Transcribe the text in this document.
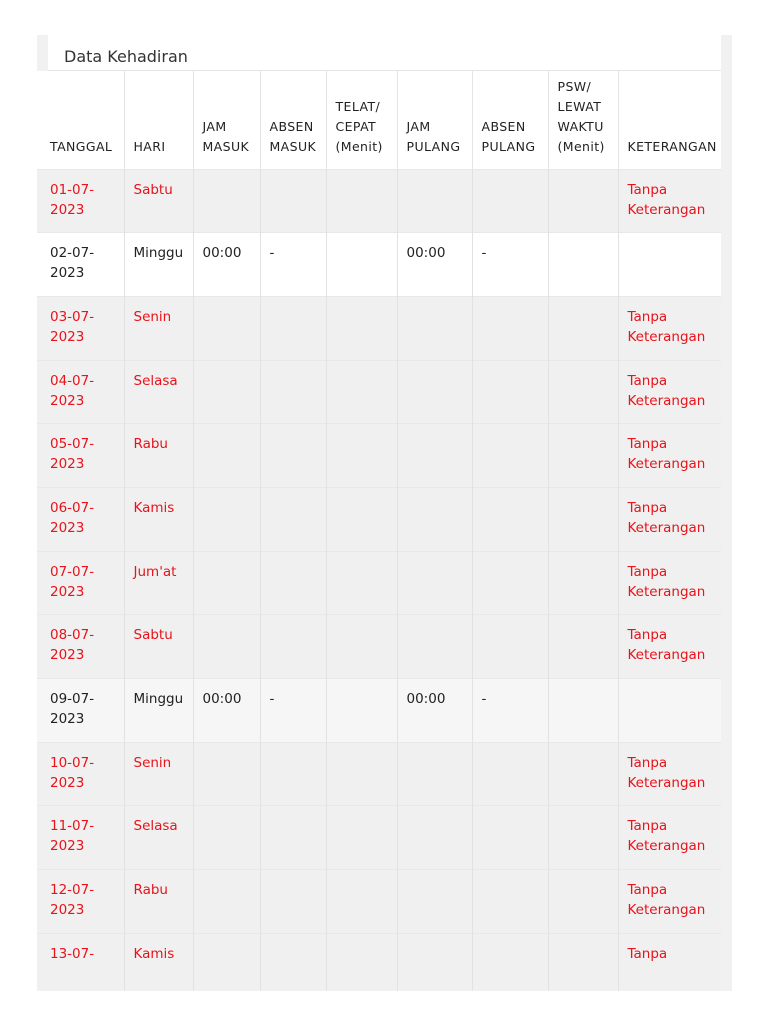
Data Kehadiran
TANGGAL	HARI	JAM MASUK	ABSEN MASUK	TELAT/ CEPAT (Menit)	JAM PULANG	ABSEN PULANG	PSW/ LEWAT WAKTU (Menit)	KETERANGAN
01-07-2023	Sabtu							Tanpa Keterangan
02-07-2023	Minggu	00:00	-		00:00	-		
03-07-2023	Senin							Tanpa Keterangan
04-07-2023	Selasa							Tanpa Keterangan
05-07-2023	Rabu							Tanpa Keterangan
06-07-2023	Kamis							Tanpa Keterangan
07-07-2023	Jum'at							Tanpa Keterangan
08-07-2023	Sabtu							Tanpa Keterangan
09-07-2023	Minggu	00:00	-		00:00	-		
10-07-2023	Senin							Tanpa Keterangan
11-07-2023	Selasa							Tanpa Keterangan
12-07-2023	Rabu							Tanpa Keterangan
13-07-	Kamis							Tanpa
